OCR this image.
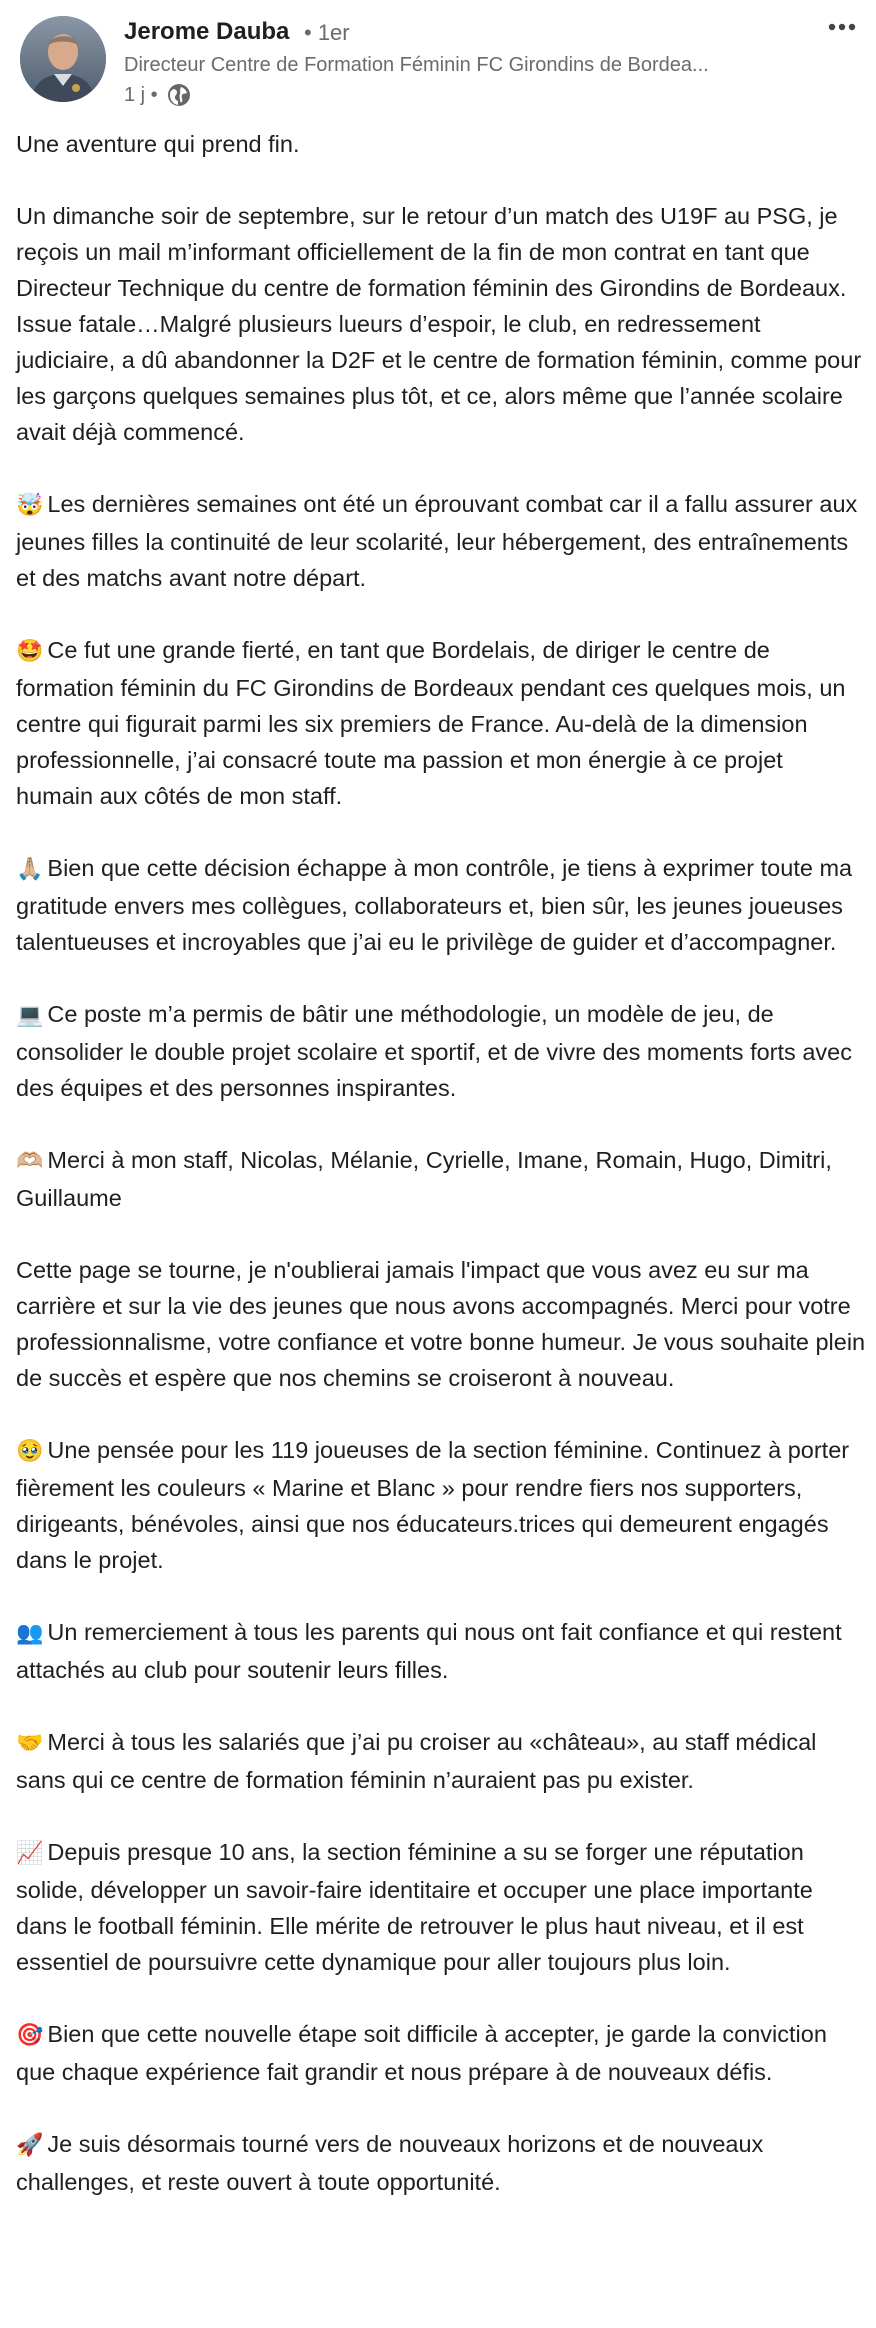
Jerome Dauba • 1er
Directeur Centre de Formation Féminin FC Girondins de Bordea...
1 j •

Une aventure qui prend fin.

Un dimanche soir de septembre, sur le retour d’un match des U19F au PSG, je reçois un mail m’informant officiellement de la fin de mon contrat en tant que Directeur Technique du centre de formation féminin des Girondins de Bordeaux. Issue fatale…Malgré plusieurs lueurs d’espoir, le club, en redressement judiciaire, a dû abandonner la D2F et le centre de formation féminin, comme pour les garçons quelques semaines plus tôt, et ce, alors même que l’année scolaire avait déjà commencé.

🤯 Les dernières semaines ont été un éprouvant combat car il a fallu assurer aux jeunes filles la continuité de leur scolarité, leur hébergement, des entraînements et des matchs avant notre départ.

🤩 Ce fut une grande fierté, en tant que Bordelais, de diriger le centre de formation féminin du FC Girondins de Bordeaux pendant ces quelques mois, un centre qui figurait parmi les six premiers de France. Au-delà de la dimension professionnelle, j’ai consacré toute ma passion et mon énergie à ce projet humain aux côtés de mon staff.

🙏🏼 Bien que cette décision échappe à mon contrôle, je tiens à exprimer toute ma gratitude envers mes collègues, collaborateurs et, bien sûr, les jeunes joueuses talentueuses et incroyables que j’ai eu le privilège de guider et d’accompagner.

💻 Ce poste m’a permis de bâtir une méthodologie, un modèle de jeu, de consolider le double projet scolaire et sportif, et de vivre des moments forts avec des équipes et des personnes inspirantes.

🫶🏼 Merci à mon staff, Nicolas, Mélanie, Cyrielle, Imane, Romain, Hugo, Dimitri, Guillaume

Cette page se tourne, je n'oublierai jamais l'impact que vous avez eu sur ma carrière et sur la vie des jeunes que nous avons accompagnés. Merci pour votre professionnalisme, votre confiance et votre bonne humeur. Je vous souhaite plein de succès et espère que nos chemins se croiseront à nouveau.

🥹 Une pensée pour les 119 joueuses de la section féminine. Continuez à porter fièrement les couleurs « Marine et Blanc » pour rendre fiers nos supporters, dirigeants, bénévoles, ainsi que nos éducateurs.trices qui demeurent engagés dans le projet.

👥 Un remerciement à tous les parents qui nous ont fait confiance et qui restent attachés au club pour soutenir leurs filles.

🤝 Merci à tous les salariés que j’ai pu croiser au «château», au staff médical sans qui ce centre de formation féminin n’auraient pas pu exister.

📈 Depuis presque 10 ans, la section féminine a su se forger une réputation solide, développer un savoir-faire identitaire et occuper une place importante dans le football féminin. Elle mérite de retrouver le plus haut niveau, et il est essentiel de poursuivre cette dynamique pour aller toujours plus loin.

🎯 Bien que cette nouvelle étape soit difficile à accepter, je garde la conviction que chaque expérience fait grandir et nous prépare à de nouveaux défis.

🚀 Je suis désormais tourné vers de nouveaux horizons et de nouveaux challenges, et reste ouvert à toute opportunité.
